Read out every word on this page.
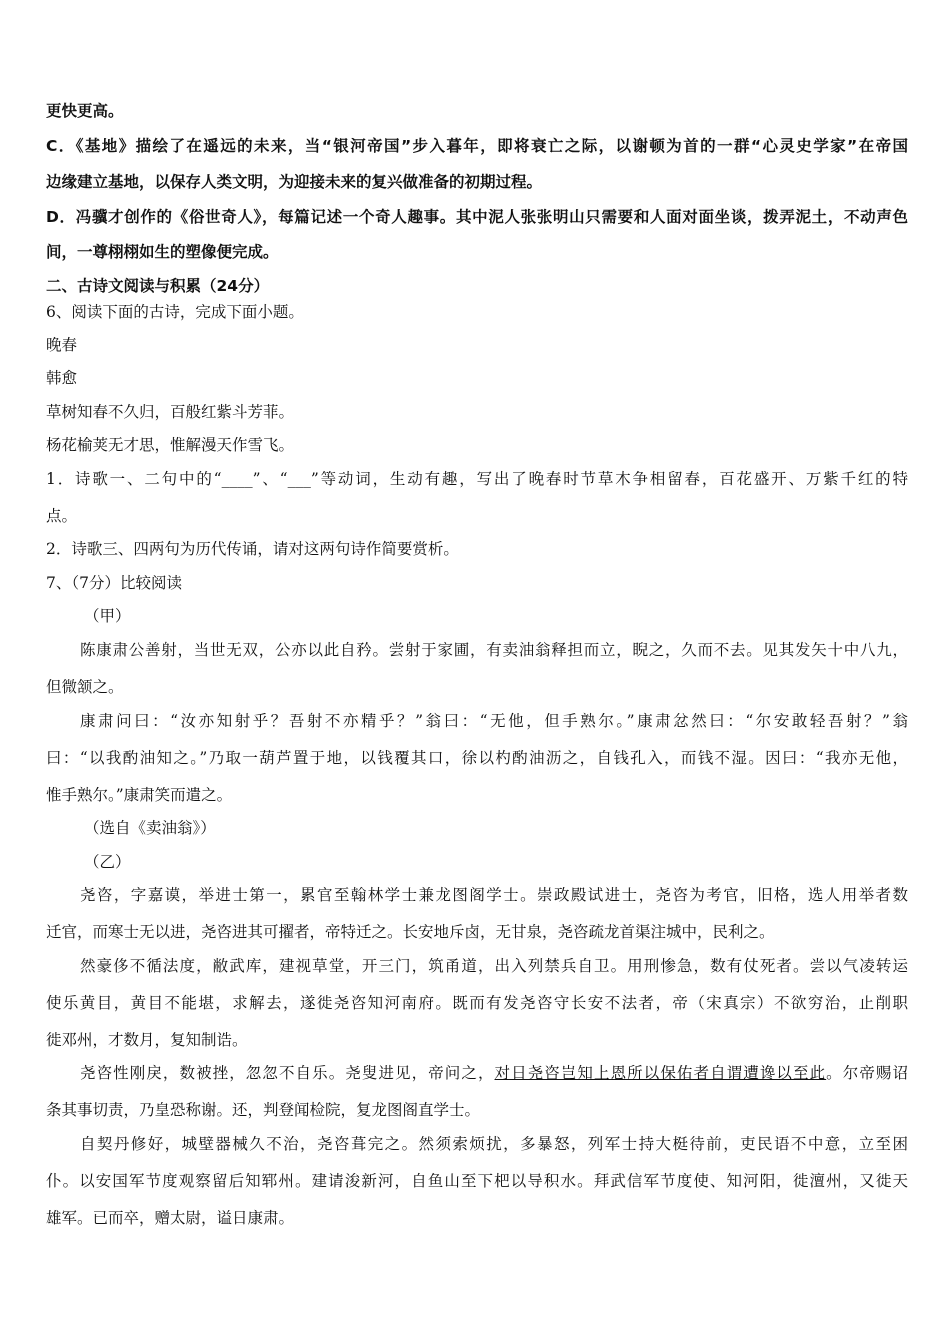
更快更高。
C．《基地》描绘了在遥远的未来，当“银河帝国”步入暮年，即将衰亡之际，以谢顿为首的一群“心灵史学家”在帝国
边缘建立基地，以保存人类文明，为迎接未来的复兴做准备的初期过程。
D．冯骥才创作的《俗世奇人》，每篇记述一个奇人趣事。其中泥人张张明山只需要和人面对面坐谈，拨弄泥土，不动声色
间，一尊栩栩如生的塑像便完成。
二、古诗文阅读与积累（24分）
6、阅读下面的古诗，完成下面小题。
晚春
韩愈
草树知春不久归，百般红紫斗芳菲。
杨花榆荚无才思，惟解漫天作雪飞。
1．诗歌一、二句中的“____”、“___”等动词，生动有趣，写出了晚春时节草木争相留春，百花盛开、万紫千红的特
点。
2．诗歌三、四两句为历代传诵，请对这两句诗作简要赏析。
7、（7分）比较阅读
（甲）
陈康肃公善射，当世无双，公亦以此自矜。尝射于家圃，有卖油翁释担而立，睨之，久而不去。见其发矢十中八九，
但微颔之。
康肃问曰：“汝亦知射乎？吾射不亦精乎？”翁曰：“无他，但手熟尔。”康肃忿然曰：“尔安敢轻吾射？”翁
曰：“以我酌油知之。”乃取一葫芦置于地，以钱覆其口，徐以杓酌油沥之，自钱孔入，而钱不湿。因曰：“我亦无他，
惟手熟尔。”康肃笑而遣之。
（选自《卖油翁》）
（乙）
尧咨，字嘉谟，举进士第一，累官至翰林学士兼龙图阁学士。崇政殿试进士，尧咨为考官，旧格，选人用举者数
迁官，而寒士无以进，尧咨进其可擢者，帝特迁之。长安地斥卤，无甘泉，尧咨疏龙首渠注城中，民利之。
然豪侈不循法度，敝武库，建视草堂，开三门，筑甬道，出入列禁兵自卫。用刑惨急，数有仗死者。尝以气凌转运
使乐黄目，黄目不能堪，求解去，遂徙尧咨知河南府。既而有发尧咨守长安不法者，帝（宋真宗）不欲穷治，止削职
徙邓州，才数月，复知制诰。
尧咨性刚戾，数被挫，忽忽不自乐。尧叟进见，帝问之，对日尧咨岂知上恩所以保佑者自谓遭谗以至此。尔帝赐诏
条其事切责，乃皇恐称谢。还，判登闻检院，复龙图阁直学士。
自契丹修好，城壁器械久不治，尧咨葺完之。然须索烦扰，多暴怒，列军士持大梃待前，吏民语不中意，立至困
仆。以安国军节度观察留后知郓州。建请浚新河，自鱼山至下杷以导积水。拜武信军节度使、知河阳，徙澶州，又徙天
雄军。已而卒，赠太尉，谥日康肃。
